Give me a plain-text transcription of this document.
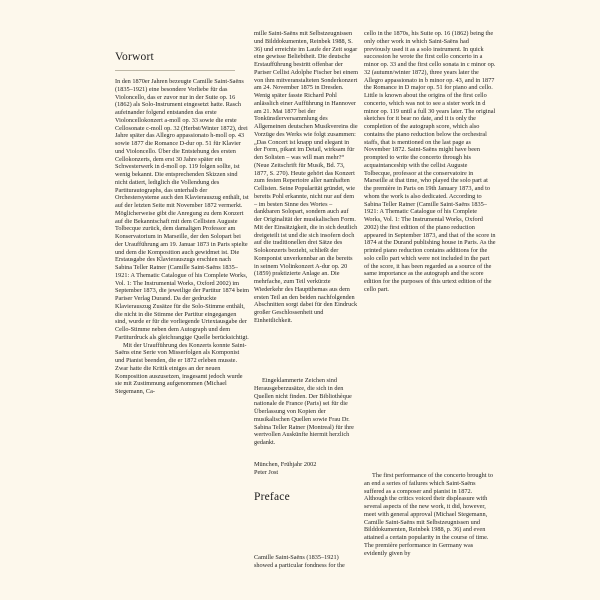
Vorwort

In den 1870er Jahren bezeugte Camille Saint-Saëns (1835–1921) eine besondere Vorliebe für das Violoncello, das er zuvor nur in der Suite op. 16 (1862) als Solo-Instrument eingesetzt hatte. Rasch aufeinander folgend entstanden das erste Violoncellokonzert a-moll op. 33 sowie die erste Cellosonate c-moll op. 32 (Herbst/Winter 1872), drei Jahre später das Allegro appassionato h-moll op. 43 sowie 1877 die Romance D-dur op. 51 für Klavier und Violoncello. Über die Entstehung des ersten Cellokonzerts, dem erst 30 Jahre später ein Schwesterwerk in d-moll op. 119 folgen sollte, ist wenig bekannt. Die entsprechenden Skizzen sind nicht datiert, lediglich die Vollendung des Partiturautographs, das unterhalb der Orchestersysteme auch den Klavierauszug enthält, ist auf der letzten Seite mit November 1872 vermerkt. Möglicherweise gibt die Anregung zu dem Konzert auf die Bekanntschaft mit dem Cellisten Auguste Tolbecque zurück, dem damaligen Professor am Konservatorium in Marseille, der den Solopart bei der Uraufführung am 19. Januar 1873 in Paris spielte und dem die Komposition auch gewidmet ist. Die Erstausgabe des Klavierauszugs erschien nach Sabina Teller Ratner (Camille Saint-Saëns 1835–1921: A Thematic Catalogue of his Complete Works, Vol. 1: The Instrumental Works, Oxford 2002) im September 1873, die jeweilige der Partitur 1874 beim Pariser Verlag Durand. Da der gedruckte Klavierauszug Zusätze für die Solo-Stimme enthält, die nicht in die Stimme der Partitur eingegangen sind, wurde er für die vorliegende Urtextausgabe der Cello-Stimme neben dem Autograph und dem Partiturdruck als gleichrangige Quelle berücksichtigt.

Mit der Uraufführung des Konzerts konnte Saint-Saëns eine Serie von Misserfolgen als Komponist und Pianist beenden, die er 1872 erleben musste. Zwar hatte die Kritik einiges an der neuen Komposition auszusetzen, insgesamt jedoch wurde sie mit Zustimmung aufgenommen (Michael Stegemann, Ca-

mille Saint-Saëns mit Selbstzeugnissen und Bilddokumenten, Reinbek 1988, S. 36) und erreichte im Laufe der Zeit sogar eine gewisse Beliebtheit. Die deutsche Erstaufführung bestritt offenbar der Pariser Cellist Adolphe Fischer bei einem von ihm mitveranstalteten Sonderkonzert am 24. November 1875 in Dresden. Wenig später fasste Richard Pohl anlässlich einer Aufführung in Hannover am 21. Mai 1877 bei der Tonkünstlerversammlung des Allgemeinen deutschen Musikvereins die Vorzüge des Werks wie folgt zusammen: „Das Concert ist knapp und elegant in der Form, pikant im Detail, wirksam für den Solisten – was will man mehr?“ (Neue Zeitschrift für Musik, Bd. 73, 1877, S. 270). Heute gehört das Konzert zum festen Repertoire aller namhaften Cellisten. Seine Popularität gründet, wie bereits Pohl erkannte, nicht nur auf dem – im besten Sinne des Wortes – dankbaren Solopart, sondern auch auf der Originalität der musikalischen Form. Mit der Einsätzigkeit, die in sich deutlich dreigeteilt ist und die sich insofern doch auf die traditionellen drei Sätze des Solokonzerts bezieht, schließt der Komponist unverkennbar an die bereits in seinem Violinkonzert A-dur op. 20 (1859) praktizierte Anlage an. Die mehrfache, zum Teil verkürzte Wiederkehr des Hauptthemas aus dem ersten Teil an den beiden nachfolgenden Abschnitten sorgt dabei für den Eindruck großer Geschlossenheit und Einheitlichkeit.

Eingeklammerte Zeichen sind Herausgeberzusätze, die sich in den Quellen nicht finden. Der Bibliothèque nationale de France (Paris) sei für die Überlassung von Kopien der musikalischen Quellen sowie Frau Dr. Sabina Teller Ratner (Montreal) für ihre wertvollen Auskünfte hiermit herzlich gedankt.

München, Frühjahr 2002
Peter Jost
Preface

Camille Saint-Saëns (1835–1921) showed a particular fondness for the

cello in the 1870s, his Suite op. 16 (1862) being the only other work in which Saint-Saëns had previously used it as a solo instrument. In quick succession he wrote the first cello concerto in a minor op. 33 and the first cello sonata in c minor op. 32 (autumn/winter 1872), three years later the Allegro appassionato in b minor op. 43, and in 1877 the Romance in D major op. 51 for piano and cello. Little is known about the origins of the first cello concerto, which was not to see a sister work in d minor op. 119 until a full 30 years later. The original sketches for it bear no date, and it is only the completion of the autograph score, which also contains the piano reduction below the orchestral staffs, that is mentioned on the last page as November 1872. Saint-Saëns might have been prompted to write the concerto through his acquaintanceship with the cellist Auguste Tolbecque, professor at the conservatoire in Marseille at that time, who played the solo part at the première in Paris on 19th January 1873, and to whom the work is also dedicated. According to Sabina Teller Ratner (Camille Saint-Saëns 1835–1921: A Thematic Catalogue of his Complete Works, Vol. 1: The Instrumental Works, Oxford 2002) the first edition of the piano reduction appeared in September 1873, and that of the score in 1874 at the Durand publishing house in Paris. As the printed piano reduction contains additions for the solo cello part which were not included in the part of the score, it has been regarded as a source of the same importance as the autograph and the score edition for the purposes of this urtext edition of the cello part.

The first performance of the concerto brought to an end a series of failures which Saint-Saëns suffered as a composer and pianist in 1872. Although the critics voiced their displeasure with several aspects of the new work, it did, however, meet with general approval (Michael Stegemann, Camille Saint-Saëns mit Selbstzeugnissen und Bilddokumenten, Reinbek 1988, p. 36) and even attained a certain popularity in the course of time. The première performance in Germany was evidently given by
